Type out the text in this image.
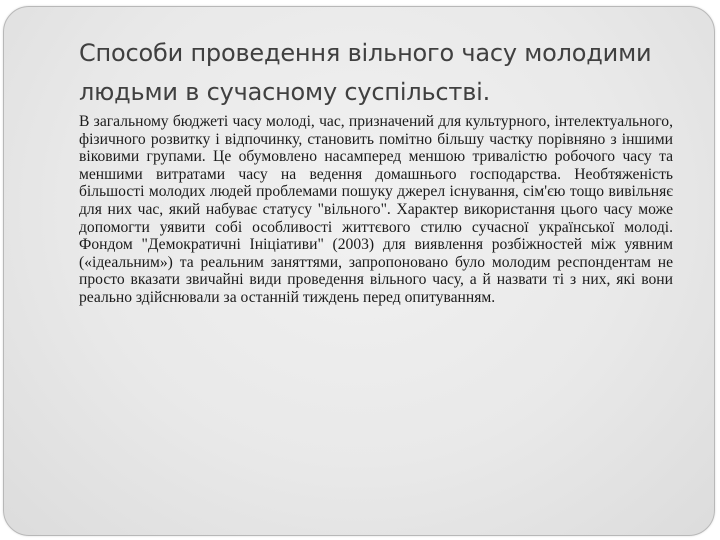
Способи проведення вільного часу молодими людьми в сучасному суспільстві.

В загальному бюджеті часу молоді, час, призначений для культурного, інтелектуального, фізичного розвитку і відпочинку, становить помітно більшу частку порівняно з іншими віковими групами. Це обумовлено насамперед меншою тривалістю робочого часу та меншими витратами часу на ведення домашнього господарства. Необтяженість більшості молодих людей проблемами пошуку джерел існування, сім'єю тощо вивільняє для них час, який набуває статусу "вільного". Характер використання цього часу може допомогти уявити собі особливості життєвого стилю сучасної української молоді. Фондом "Демократичні Ініціативи" (2003) для виявлення розбіжностей між уявним («ідеальним») та реальним заняттями, запропоновано було молодим респондентам не просто вказати звичайні види проведення вільного часу, а й назвати ті з них, які вони реально здійснювали за останній тиждень перед опитуванням.
